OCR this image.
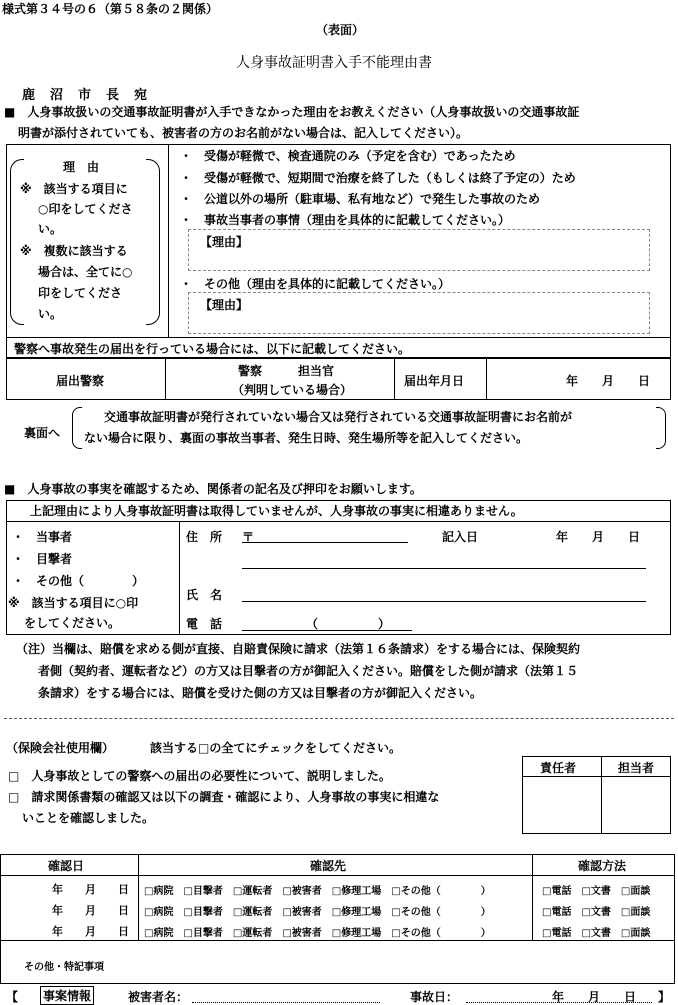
様式第３４号の６（第５８条の２関係）
（表面）
人身事故証明書入手不能理由書
鹿　沼　市　長　宛
■　人身事故扱いの交通事故証明書が入手できなかった理由をお教えください（人身事故扱いの交通事故証
明書が添付されていても、被害者の方のお名前がない場合は、記入してください）。
理　由
※　該当する項目に
○印をしてくださ
い。
※　複数に該当する
場合は、全てに○
印をしてくださ
い。
・　受傷が軽微で、検査通院のみ（予定を含む）であったため
・　受傷が軽微で、短期間で治療を終了した（もしくは終了予定の）ため
・　公道以外の場所（駐車場、私有地など）で発生した事故のため
・　事故当事者の事情（理由を具体的に記載してください。）
【理由】
・　その他（理由を具体的に記載してください。）
【理由】
警察へ事故発生の届出を行っている場合には、以下に記載してください。
届出警察
警察　　　担当官
（判明している場合）
届出年月日	年　　月　　日
裏面へ
交通事故証明書が発行されていない場合又は発行されている交通事故証明書にお名前が
ない場合に限り、裏面の事故当事者、発生日時、発生場所等を記入してください。
■　人身事故の事実を確認するため、関係者の記名及び押印をお願いします。
上記理由により人身事故証明書は取得していませんが、人身事故の事実に相違ありません。
・　当事者
・　目撃者
・　その他（　　　　）
※　該当する項目に○印
をしてください。
住　所 〒	記入日	年　　月　　日
氏　名
電　話	（　　　　　）
（注）当欄は、賠償を求める側が直接、自賠責保険に請求（法第１６条請求）をする場合には、保険契約
者側（契約者、運転者など）の方又は目撃者の方が御記入ください。賠償をした側が請求（法第１５
条請求）をする場合には、賠償を受けた側の方又は目撃者の方が御記入ください。
（保険会社使用欄）	該当する□の全てにチェックをしてください。
□　人身事故としての警察への届出の必要性について、説明しました。
□　請求関係書類の確認又は以下の調査・確認により、人身事故の事実に相違な
いことを確認しました。
責任者	担当者
確認日	確認先	確認方法
年　　月　　日 □病院　□目撃者　□運転者　□被害者　□修理工場　□その他（　　　　）	□電話　□文書　□面談
年　　月　　日 □病院　□目撃者　□運転者　□被害者　□修理工場　□その他（　　　　）	□電話　□文書　□面談
年　　月　　日 □病院　□目撃者　□運転者　□被害者　□修理工場　□その他（　　　　）	□電話　□文書　□面談
その他・特記事項
【 事案情報	被害者名：	事故日：	年　　月　　日 】
